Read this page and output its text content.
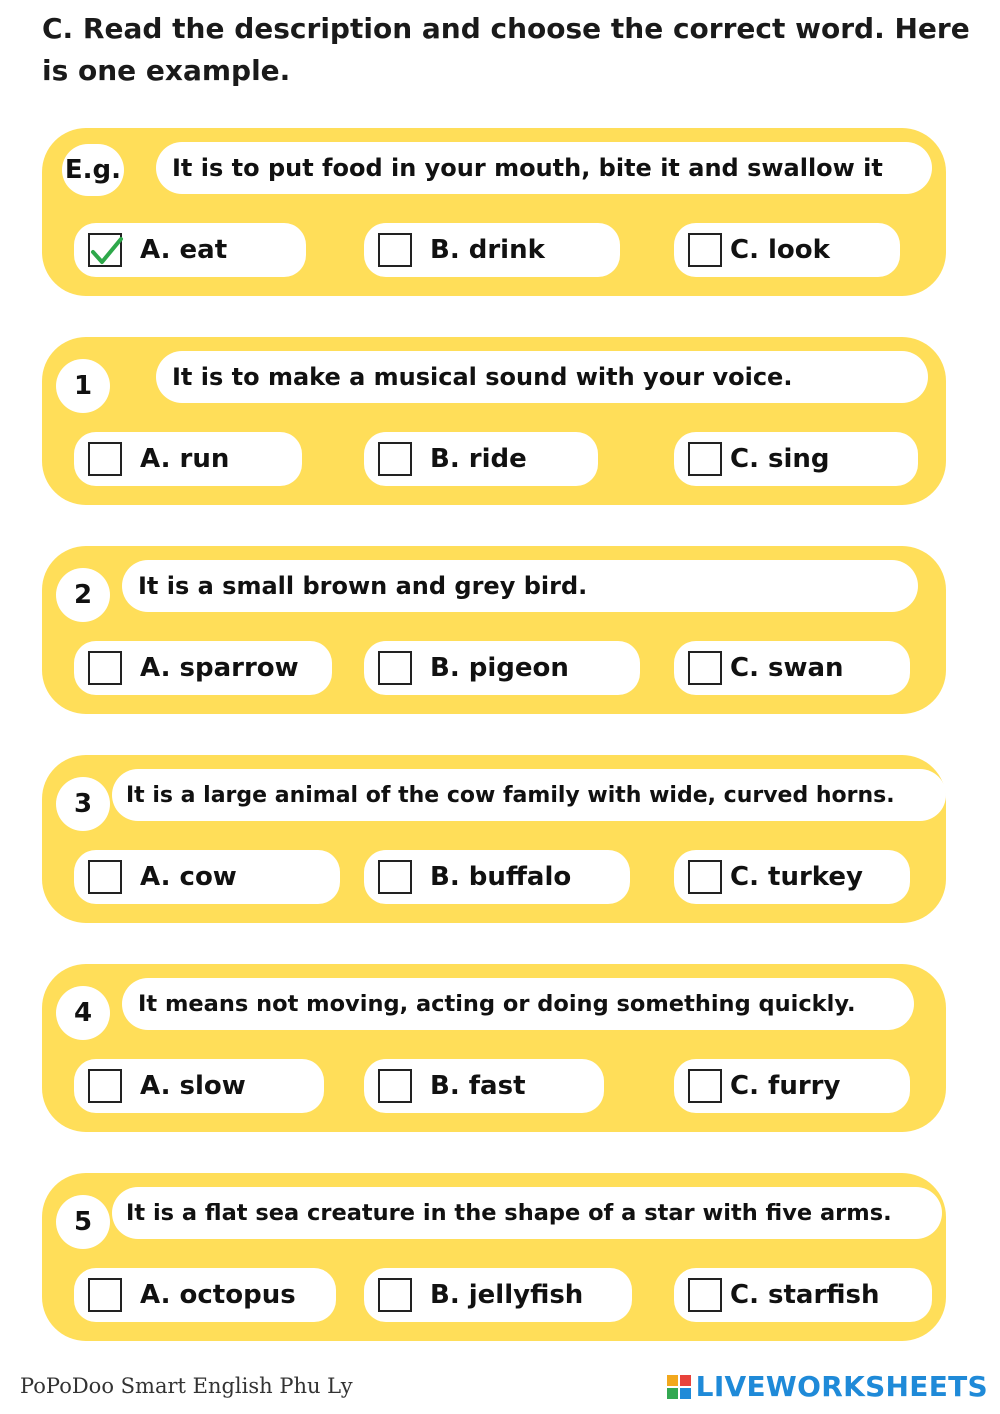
C. Read the description and choose the correct word. Here is one example.
E.g.	It is to put food in your mouth, bite it and swallow it
A. eat	B. drink	C. look
1	It is to make a musical sound with your voice.
A. run	B. ride	C. sing
2	It is a small brown and grey bird.
A. sparrow	B. pigeon	C. swan
3	It is a large animal of the cow family with wide, curved horns.
A. cow	B. buffalo	C. turkey
4	It means not moving, acting or doing something quickly.
A. slow	B. fast	C. furry
5	It is a flat sea creature in the shape of a star with five arms.
A. octopus	B. jellyfish	C. starfish
PoPoDoo Smart English Phu Ly	LIVEWORKSHEETS
